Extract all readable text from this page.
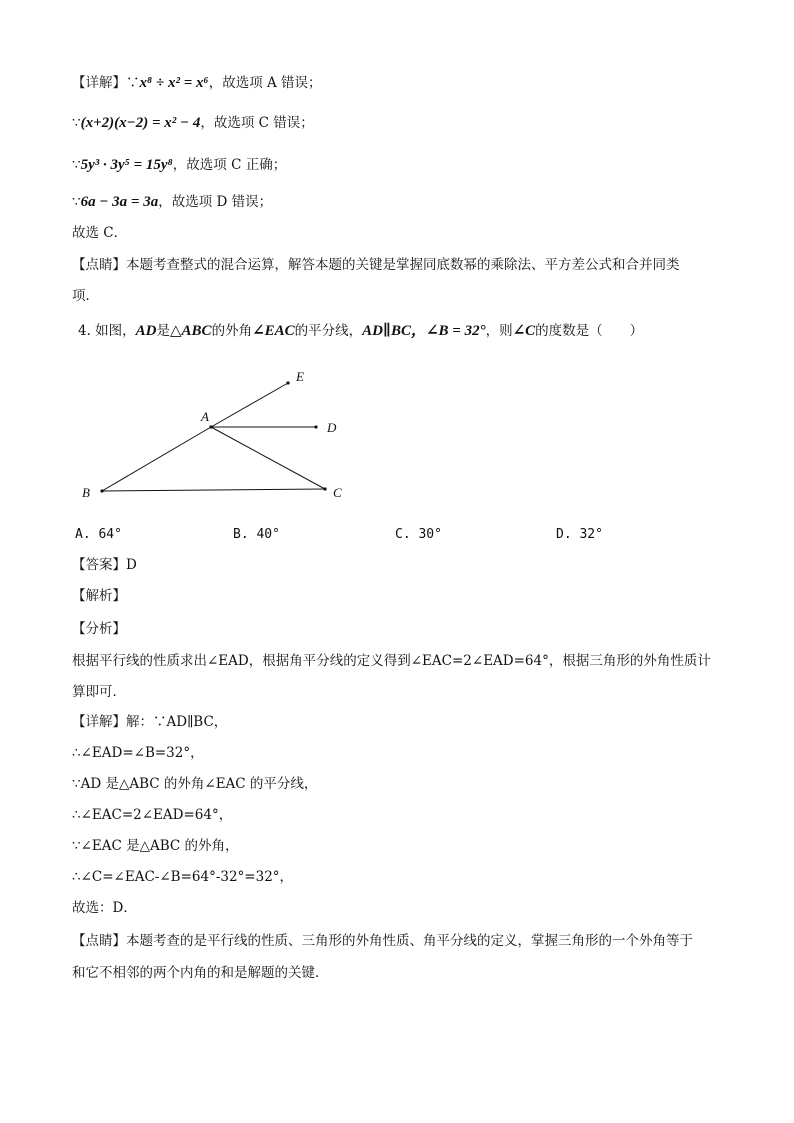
【详解】∵x⁸ ÷ x² = x⁶，故选项 A 错误；
∵(x+2)(x−2) = x² − 4，故选项 C 错误；
∵5y³ · 3y⁵ = 15y⁸，故选项 C 正确；
∵6a − 3a = 3a，故选项 D 错误；
故选 C．
【点睛】本题考查整式的混合运算，解答本题的关键是掌握同底数幂的乘除法、平方差公式和合并同类
项．
4. 如图，AD是△ABC的外角∠EAC的平分线，AD∥BC，∠B = 32°，则∠C的度数是（　　）
E
A
D
B	C
A. 64°	B. 40°	C. 30°	D. 32°
【答案】D
【解析】
【分析】
根据平行线的性质求出∠EAD，根据角平分线的定义得到∠EAC=2∠EAD=64°，根据三角形的外角性质计
算即可．
【详解】解：∵AD∥BC，
∴∠EAD=∠B=32°，
∵AD 是△ABC 的外角∠EAC 的平分线，
∴∠EAC=2∠EAD=64°，
∵∠EAC 是△ABC 的外角，
∴∠C=∠EAC-∠B=64°-32°=32°，
故选：D．
【点睛】本题考查的是平行线的性质、三角形的外角性质、角平分线的定义，掌握三角形的一个外角等于
和它不相邻的两个内角的和是解题的关键．
